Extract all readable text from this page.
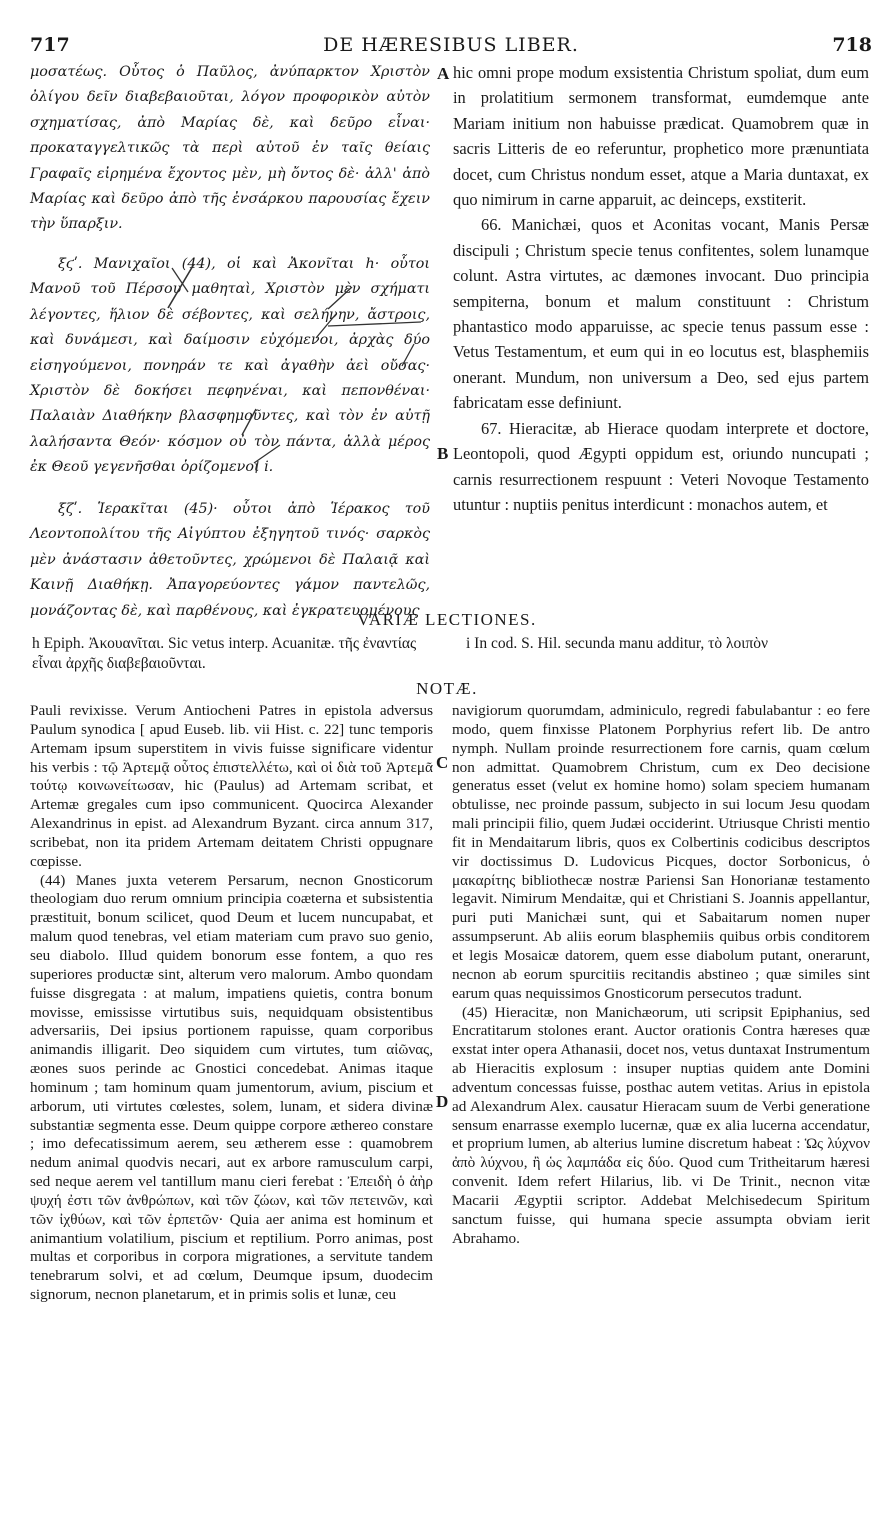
717	DE HÆRESIBUS LIBER.	718

μοσατέως. Οὗτος ὁ Παῦλος, ἀνύπαρκτον Χριστὸν ὀλίγου δεῖν διαβεβαιοῦται, λόγον προφορικὸν αὐτὸν σχηματίσας, ἀπὸ Μαρίας δὲ, καὶ δεῦρο εἶναι· προκαταγγελτικῶς τὰ περὶ αὐτοῦ ἐν ταῖς θείαις Γραφαῖς εἰρημένα ἔχοντος μὲν, μὴ ὄντος δὲ· ἀλλ' ἀπὸ Μαρίας καὶ δεῦρο ἀπὸ τῆς ἐνσάρκου παρουσίας ἔχειν τὴν ὕπαρξιν.

ξϛʹ. Μανιχαῖοι (44), οἱ καὶ Ἀκονῖται h· οὗτοι Μανοῦ τοῦ Πέρσου μαθηταὶ, Χριστὸν μὲν σχήματι λέγοντες, ἥλιον δὲ σέβοντες, καὶ σελήνην, ἄστροις, καὶ δυνάμεσι, καὶ δαίμοσιν εὐχόμενοι, ἀρχὰς δύο εἰσηγούμενοι, πονηράν τε καὶ ἀγαθὴν ἀεὶ οὔσας· Χριστὸν δὲ δοκήσει πεφηνέναι, καὶ πεπονθέναι· Παλαιὰν Διαθήκην βλασφημοῦντες, καὶ τὸν ἐν αὐτῇ λαλήσαντα Θεόν· κόσμον οὐ τὸν πάντα, ἀλλὰ μέρος ἐκ Θεοῦ γεγενῆσθαι ὁρίζομενοι i.

ξζʹ. Ἱερακῖται (45)· οὗτοι ἀπὸ Ἱέρακος τοῦ Λεοντοπολίτου τῆς Αἰγύπτου ἐξηγητοῦ τινός· σαρκὸς μὲν ἀνάστασιν ἀθετοῦντες, χρώμενοι δὲ Παλαιᾷ καὶ Καινῇ Διαθήκῃ. Ἀπαγορεύοντες γάμον παντελῶς, μονάζοντας δὲ, καὶ παρθένους, καὶ ἐγκρατευομένους

hic omni prope modum exsistentia Christum spoliat, dum eum in prolatitium sermonem transformat, eumdemque ante Mariam initium non habuisse prædicat. Quamobrem quæ in sacris Litteris de eo referuntur, prophetico more prænuntiata docet, cum Christus nondum esset, atque a Maria duntaxat, ex quo nimirum in carne apparuit, ac deinceps, exstiterit.

66. Manichæi, quos et Aconitas vocant, Manis Persæ discipuli ; Christum specie tenus confitentes, solem lunamque colunt. Astra virtutes, ac dæmones invocant. Duo principia sempiterna, bonum et malum constituunt : Christum phantastico modo apparuisse, ac specie tenus passum esse : Vetus Testamentum, et eum qui in eo locutus est, blasphemiis onerant. Mundum, non universum a Deo, sed ejus partem fabricatam esse definiunt.

67. Hieracitæ, ab Hierace quodam interprete et doctore, Leontopoli, quod Ægypti oppidum est, oriundo nuncupati ; carnis resurrectionem respuunt : Veteri Novoque Testamento utuntur : nuptiis penitus interdicunt : monachos autem, et

A
B
C
D
VARIÆ LECTIONES.
h Epiph. Ἀκουανῖται. Sic vetus interp. Acuanitæ. τῆς ἐναντίας εἶναι ἀρχῆς διαβεβαιοῦνται.
i In cod. S. Hil. secunda manu additur, τὸ λοιπὸν
NOTÆ.

Pauli revixisse. Verum Antiocheni Patres in epistola adversus Paulum synodica [ apud Euseb. lib. vii Hist. c. 22] tunc temporis Artemam ipsum superstitem in vivis fuisse significare videntur his verbis : τῷ Ἀρτεμᾷ οὗτος ἐπιστελλέτω, καὶ οἱ διὰ τοῦ Ἀρτεμᾶ τούτῳ κοινωνείτωσαν, hic (Paulus) ad Artemam scribat, et Artemæ gregales cum ipso communicent. Quocirca Alexander Alexandrinus in epist. ad Alexandrum Byzant. circa annum 317, scribebat, non ita pridem Artemam deitatem Christi oppugnare cœpisse.

(44) Manes juxta veterem Persarum, necnon Gnosticorum theologiam duo rerum omnium principia coæterna et subsistentia præstituit, bonum scilicet, quod Deum et lucem nuncupabat, et malum quod tenebras, vel etiam materiam cum pravo suo genio, seu diabolo. Illud quidem bonorum esse fontem, a quo res superiores productæ sint, alterum vero malorum. Ambo quondam fuisse disgregata : at malum, impatiens quietis, contra bonum movisse, emississe virtutibus suis, nequidquam obsistentibus adversariis, Dei ipsius portionem rapuisse, quam corporibus animandis illigarit. Deo siquidem cum virtutes, tum αἰῶνας, æones suos perinde ac Gnostici concedebat. Animas itaque hominum ; tam hominum quam jumentorum, avium, piscium et arborum, uti virtutes cœlestes, solem, lunam, et sidera divinæ substantiæ segmenta esse. Deum quippe corpore æthereo constare ; imo defecatissimum aerem, seu ætherem esse : quamobrem nedum animal quodvis necari, aut ex arbore ramusculum carpi, sed neque aerem vel tantillum manu cieri ferebat : Ἐπειδὴ ὁ ἀὴρ ψυχή ἐστι τῶν ἀνθρώπων, καὶ τῶν ζώων, καὶ τῶν πετεινῶν, καὶ τῶν ἰχθύων, καὶ τῶν ἑρπετῶν· Quia aer anima est hominum et animantium volatilium, piscium et reptilium. Porro animas, post multas et corporibus in corpora migrationes, a servitute tandem tenebrarum solvi, et ad cœlum, Deumque ipsum, duodecim signorum, necnon planetarum, et in primis solis et lunæ, ceu

navigiorum quorumdam, adminiculo, regredi fabulabantur : eo fere modo, quem finxisse Platonem Porphyrius refert lib. De antro nymph. Nullam proinde resurrectionem fore carnis, quam cœlum non admittat. Quamobrem Christum, cum ex Deo decisione generatus esset (velut ex homine homo) solam speciem humanam obtulisse, nec proinde passum, subjecto in sui locum Jesu quodam mali principii filio, quem Judæi occiderint. Utriusque Christi mentio fit in Mendaitarum libris, quos ex Colbertinis codicibus descriptos vir doctissimus D. Ludovicus Picques, doctor Sorbonicus, ὁ μακαρίτης bibliothecæ nostræ Pariensi San Honorianæ testamento legavit. Nimirum Mendaitæ, qui et Christiani S. Joannis appellantur, puri puti Manichæi sunt, qui et Sabaitarum nomen nuper assumpserunt. Ab aliis eorum blasphemiis quibus orbis conditorem et legis Mosaicæ datorem, quem esse diabolum putant, onerarunt, necnon ab eorum spurcitiis recitandis abstineo ; quæ similes sint earum quas nequissimos Gnosticorum persecutos tradunt.

(45) Hieracitæ, non Manichæorum, uti scripsit Epiphanius, sed Encratitarum stolones erant. Auctor orationis Contra hæreses quæ exstat inter opera Athanasii, docet nos, vetus duntaxat Instrumentum ab Hieracitis explosum : insuper nuptias quidem ante Domini adventum concessas fuisse, posthac autem vetitas. Arius in epistola ad Alexandrum Alex. causatur Hieracam suum de Verbi generatione sensum enarrasse exemplo lucernæ, quæ ex alia lucerna accendatur, et proprium lumen, ab alterius lumine discretum habeat : Ὡς λύχνον ἀπὸ λύχνου, ἢ ὡς λαμπάδα εἰς δύο. Quod cum Tritheitarum hæresi convenit. Idem refert Hilarius, lib. vi De Trinit., necnon vitæ Macarii Ægyptii scriptor. Addebat Melchisedecum Spiritum sanctum fuisse, qui humana specie assumpta obviam ierit Abrahamo.
